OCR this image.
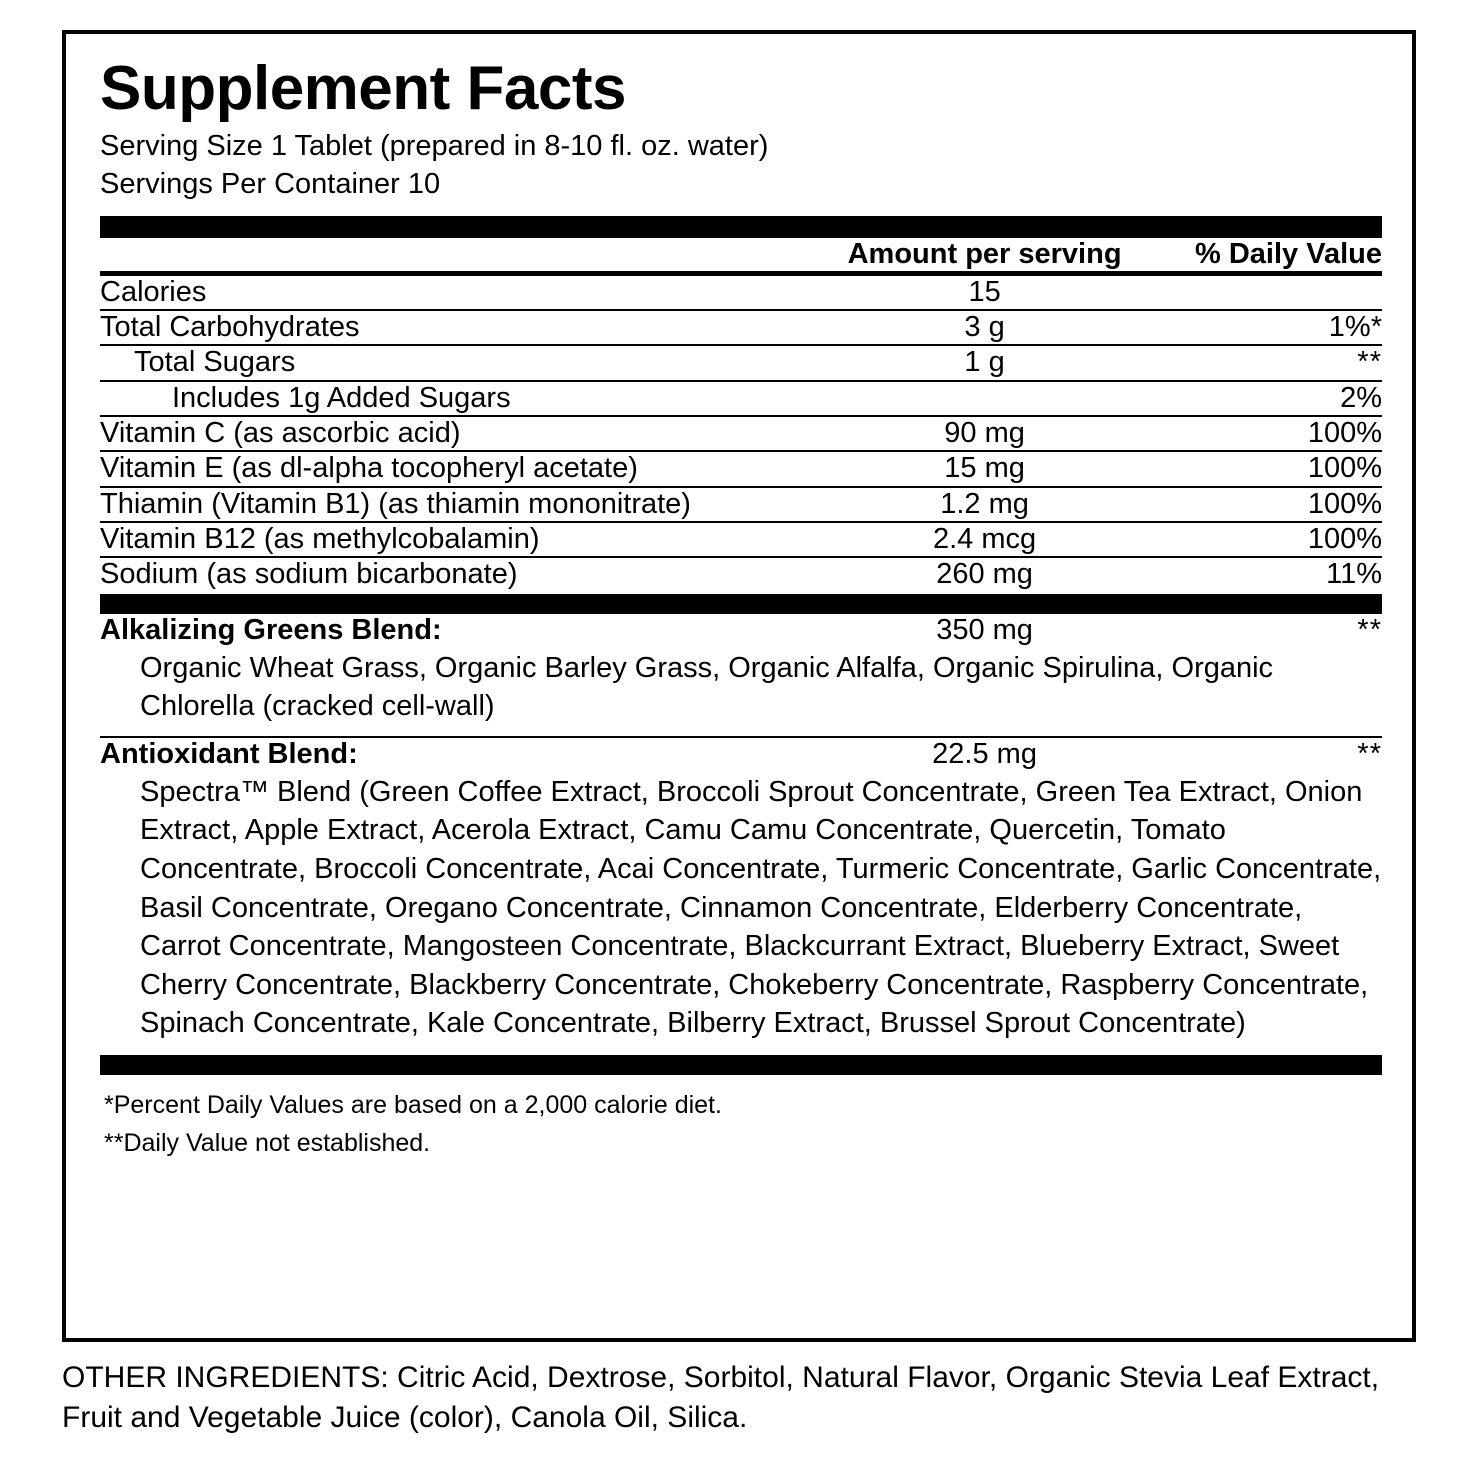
Supplement Facts
Serving Size 1 Tablet (prepared in 8-10 fl. oz. water)
Servings Per Container 10
	Amount per serving	% Daily Value
Calories	15	
Total Carbohydrates	3 g	1%*
Total Sugars	1 g	**
Includes 1g Added Sugars		2%
Vitamin C (as ascorbic acid)	90 mg	100%
Vitamin E (as dl-alpha tocopheryl acetate)	15 mg	100%
Thiamin (Vitamin B1) (as thiamin mononitrate)	1.2 mg	100%
Vitamin B12 (as methylcobalamin)	2.4 mcg	100%
Sodium (as sodium bicarbonate)	260 mg	11%
Alkalizing Greens Blend:	350 mg	**
Organic Wheat Grass, Organic Barley Grass, Organic Alfalfa, Organic Spirulina, Organic Chlorella (cracked cell-wall)
Antioxidant Blend:	22.5 mg	**
Spectra™ Blend (Green Coffee Extract, Broccoli Sprout Concentrate, Green Tea Extract, Onion Extract, Apple Extract, Acerola Extract, Camu Camu Concentrate, Quercetin, Tomato Concentrate, Broccoli Concentrate, Acai Concentrate, Turmeric Concentrate, Garlic Concentrate, Basil Concentrate, Oregano Concentrate, Cinnamon Concentrate, Elderberry Concentrate, Carrot Concentrate, Mangosteen Concentrate, Blackcurrant Extract, Blueberry Extract, Sweet Cherry Concentrate, Blackberry Concentrate, Chokeberry Concentrate, Raspberry Concentrate, Spinach Concentrate, Kale Concentrate, Bilberry Extract, Brussel Sprout Concentrate)
*Percent Daily Values are based on a 2,000 calorie diet.
**Daily Value not established.
OTHER INGREDIENTS: Citric Acid, Dextrose, Sorbitol, Natural Flavor, Organic Stevia Leaf Extract, Fruit and Vegetable Juice (color), Canola Oil, Silica.
